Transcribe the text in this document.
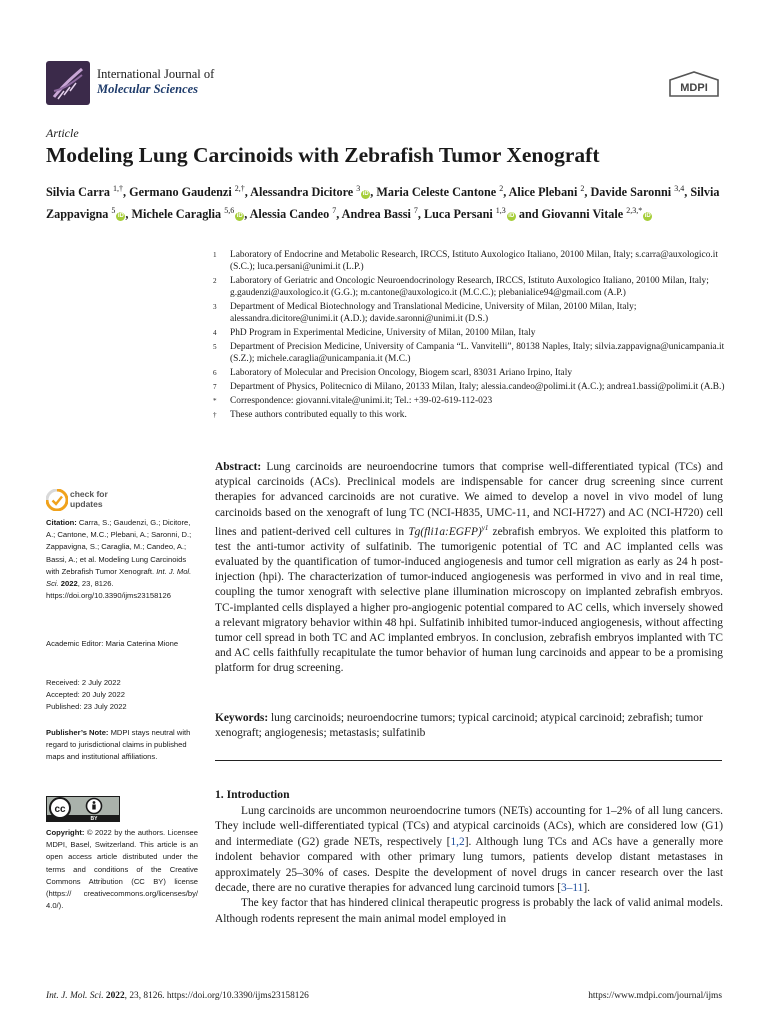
International Journal of
Molecular Sciences	MDPI
Article
Modeling Lung Carcinoids with Zebrafish Tumor Xenograft
Silvia Carra $^{1,\dagger}$, Germano Gaudenzi $^{2,\dagger}$, Alessandra Dicitore $^3$iD , Maria Celeste Cantone $^2$, Alice Plebani $^2$, Davide Saronni $^{3,4}$, Silvia Zappavigna $^5$iD , Michele Caraglia $^{5,6}$iD , Alessia Candeo $^7$, Andrea Bassi $^7$, Luca Persani $^{1,3}$iD and Giovanni Vitale $^{2,3,*}$iD
1	Laboratory of Endocrine and Metabolic Research, IRCCS, Istituto Auxologico Italiano, 20100 Milan, Italy; s.carra@auxologico.it (S.C.); luca.persani@unimi.it (L.P.)
2	Laboratory of Geriatric and Oncologic Neuroendocrinology Research, IRCCS, Istituto Auxologico Italiano, 20100 Milan, Italy; g.gaudenzi@auxologico.it (G.G.); m.cantone@auxologico.it (M.C.C.); plebanialice94@gmail.com (A.P.)
3	Department of Medical Biotechnology and Translational Medicine, University of Milan, 20100 Milan, Italy; alessandra.dicitore@unimi.it (A.D.); davide.saronni@unimi.it (D.S.)
4	PhD Program in Experimental Medicine, University of Milan, 20100 Milan, Italy
5	Department of Precision Medicine, University of Campania “L. Vanvitelli”, 80138 Naples, Italy; silvia.zappavigna@unicampania.it (S.Z.); michele.caraglia@unicampania.it (M.C.)
6	Laboratory of Molecular and Precision Oncology, Biogem scarl, 83031 Ariano Irpino, Italy
7	Department of Physics, Politecnico di Milano, 20133 Milan, Italy; alessia.candeo@polimi.it (A.C.); andrea1.bassi@polimi.it (A.B.)
*	Correspondence: giovanni.vitale@unimi.it; Tel.: +39-02-619-112-023
†	These authors contributed equally to this work.
check for
updates
Citation: Carra, S.; Gaudenzi, G.; Dicitore, A.; Cantone, M.C.; Plebani, A.; Saronni, D.; Zappavigna, S.; Caraglia, M.; Candeo, A.; Bassi, A.; et al. Modeling Lung Carcinoids with Zebrafish Tumor Xenograft. Int. J. Mol. Sci. 2022, 23, 8126. https://doi.org/10.3390/ijms23158126
Academic Editor: Maria Caterina Mione
Received: 2 July 2022
Accepted: 20 July 2022
Published: 23 July 2022
Publisher’s Note: MDPI stays neutral with regard to jurisdictional claims in published maps and institutional affiliations.
cc
BY
Copyright: © 2022 by the authors. Licensee MDPI, Basel, Switzerland. This article is an open access article distributed under the terms and conditions of the Creative Commons Attribution (CC BY) license (https:// creativecommons.org/licenses/by/ 4.0/).
Abstract: Lung carcinoids are neuroendocrine tumors that comprise well-differentiated typical (TCs) and atypical carcinoids (ACs). Preclinical models are indispensable for cancer drug screening since current therapies for advanced carcinoids are not curative. We aimed to develop a novel in vivo model of lung carcinoids based on the xenograft of lung TC (NCI-H835, UMC-11, and NCI-H727) and AC (NCI-H720) cell lines and patient-derived cell cultures in Tg(fli1a:EGFP)$^{y1}$ zebrafish embryos. We exploited this platform to test the anti-tumor activity of sulfatinib. The tumorigenic potential of TC and AC implanted cells was evaluated by the quantification of tumor-induced angiogenesis and tumor cell migration as early as 24 h post-injection (hpi). The characterization of tumor-induced angiogenesis was performed in vivo and in real time, coupling the tumor xenograft with selective plane illumination microscopy on implanted zebrafish embryos. TC-implanted cells displayed a higher pro-angiogenic potential compared to AC cells, which inversely showed a relevant migratory behavior within 48 hpi. Sulfatinib inhibited tumor-induced angiogenesis, without affecting tumor cell spread in both TC and AC implanted embryos. In conclusion, zebrafish embryos implanted with TC and AC cells faithfully recapitulate the tumor behavior of human lung carcinoids and appear to be a promising platform for drug screening.
Keywords: lung carcinoids; neuroendocrine tumors; typical carcinoid; atypical carcinoid; zebrafish; tumor xenograft; angiogenesis; metastasis; sulfatinib
1. Introduction

Lung carcinoids are uncommon neuroendocrine tumors (NETs) accounting for 1–2% of all lung cancers. They include well-differentiated typical (TCs) and atypical carcinoids (ACs), which are considered low (G1) and intermediate (G2) grade NETs, respectively [1,2]. Although lung TCs and ACs have a generally more indolent behavior compared with other primary lung tumors, patients develop distant metastases in approximately 25–30% of cases. Despite the development of novel drugs in cancer research over the last decade, there are no curative therapies for advanced lung carcinoid tumors [3–11].

The key factor that has hindered clinical therapeutic progress is probably the lack of valid animal models. Although rodents represent the main animal model employed in

Int. J. Mol. Sci. 2022, 23, 8126. https://doi.org/10.3390/ijms23158126	https://www.mdpi.com/journal/ijms
